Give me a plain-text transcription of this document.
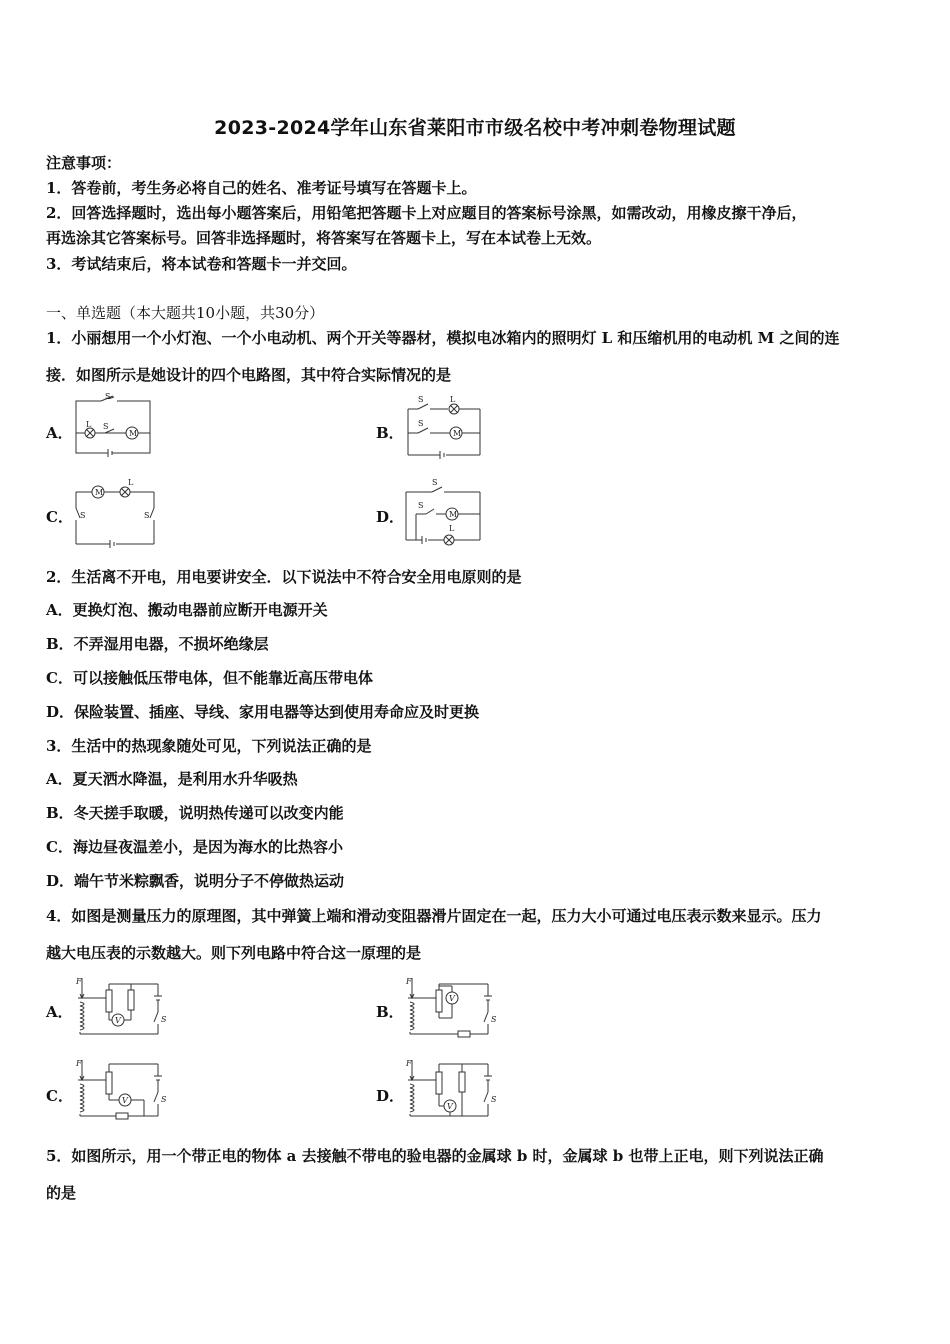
2023-2024学年山东省莱阳市市级名校中考冲刺卷物理试题
注意事项：
1．答卷前，考生务必将自己的姓名、准考证号填写在答题卡上。
2．回答选择题时，选出每小题答案后，用铅笔把答题卡上对应题目的答案标号涂黑，如需改动，用橡皮擦干净后，
再选涂其它答案标号。回答非选择题时，将答案写在答题卡上，写在本试卷上无效。
3．考试结束后，将本试卷和答题卡一并交回。
一、单选题（本大题共10小题，共30分）
1．小丽想用一个小灯泡、一个小电动机、两个开关等器材，模拟电冰箱内的照明灯 L 和压缩机用的电动机 M 之间的连
接．如图所示是她设计的四个电路图，其中符合实际情况的是
A．	B．
C．	D．
S
L S
M
S	L
S
M
M
L
S	S
S
S
M
L
2．生活离不开电，用电要讲安全．以下说法中不符合安全用电原则的是
A．更换灯泡、搬动电器前应断开电源开关
B．不弄湿用电器，不损坏绝缘层
C．可以接触低压带电体，但不能靠近高压带电体
D．保险装置、插座、导线、家用电器等达到使用寿命应及时更换
3．生活中的热现象随处可见，下列说法正确的是
A．夏天洒水降温，是利用水升华吸热
B．冬天搓手取暖，说明热传递可以改变内能
C．海边昼夜温差小，是因为海水的比热容小
D．端午节米粽飘香，说明分子不停做热运动
4．如图是测量压力的原理图，其中弹簧上端和滑动变阻器滑片固定在一起，压力大小可通过电压表示数来显示。压力
越大电压表的示数越大。则下列电路中符合这一原理的是
A．	B．
C．	D．
F
V	S
F
V
S
F
V	S
F
V
S
5．如图所示，用一个带正电的物体 a 去接触不带电的验电器的金属球 b 时，金属球 b 也带上正电，则下列说法正确
的是
